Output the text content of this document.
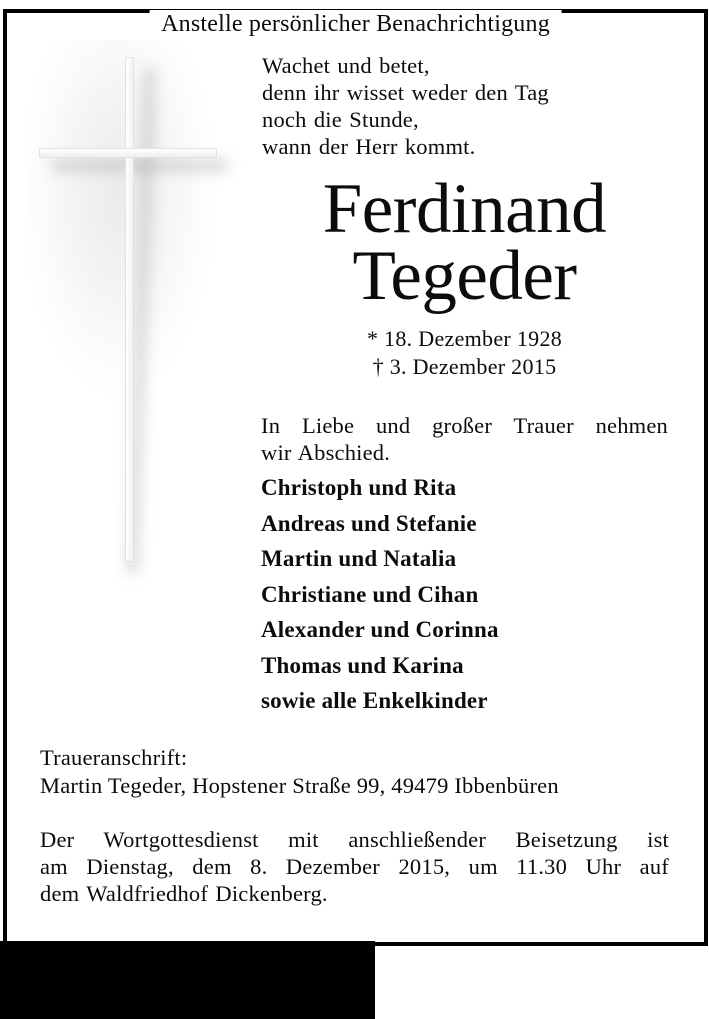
Anstelle persönlicher Benachrichtigung
Wachet und betet,
denn ihr wisset weder den Tag
noch die Stunde,
wann der Herr kommt.
Ferdinand
Tegeder
* 18. Dezember 1928
† 3. Dezember 2015
In Liebe und großer Trauer nehmen
wir Abschied.
Christoph und Rita
Andreas und Stefanie
Martin und Natalia
Christiane und Cihan
Alexander und Corinna
Thomas und Karina
sowie alle Enkelkinder
Traueranschrift:
Martin Tegeder, Hopstener Straße 99, 49479 Ibbenbüren
Der Wortgottesdienst mit anschließender Beisetzung ist
am Dienstag, dem 8. Dezember 2015, um 11.30 Uhr auf
dem Waldfriedhof Dickenberg.
